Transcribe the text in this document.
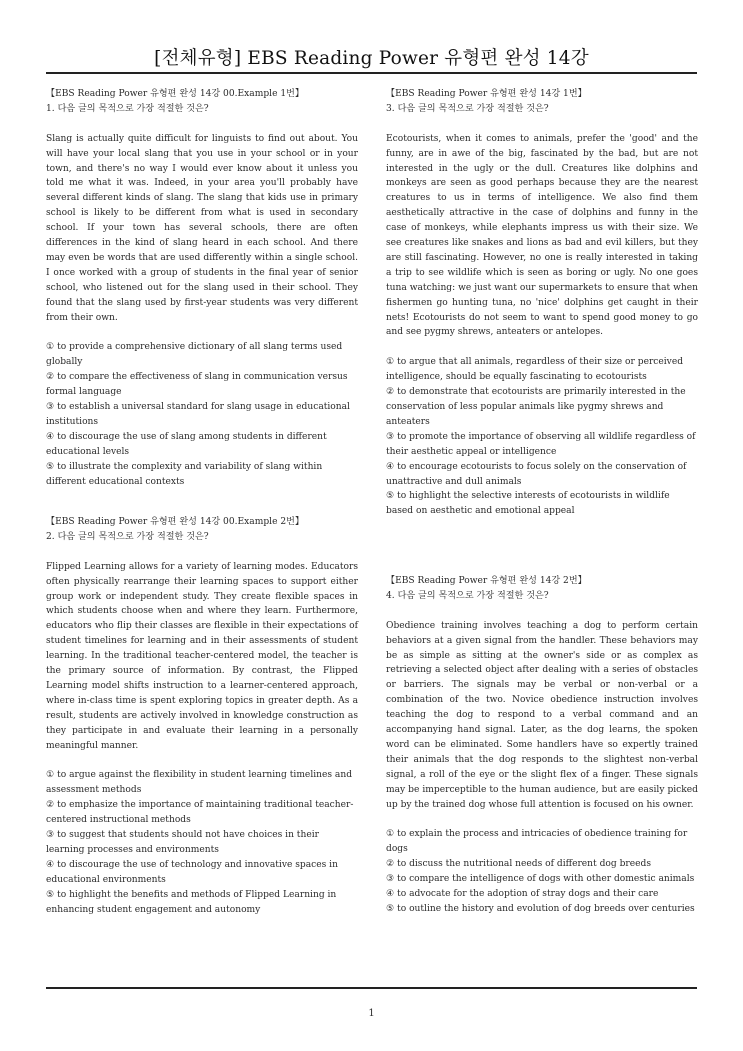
[전체유형] EBS Reading Power 유형편 완성 14강
【EBS Reading Power 유형편 완성 14강 00.Example 1번】
1. 다음 글의 목적으로 가장 적절한 것은?
Slang is actually quite difficult for linguists to find out about. You will have your local slang that you use in your school or in your town, and there's no way I would ever know about it unless you told me what it was. Indeed, in your area you'll probably have several different kinds of slang. The slang that kids use in primary school is likely to be different from what is used in secondary school. If your town has several schools, there are often differences in the kind of slang heard in each school. And there may even be words that are used differently within a single school. I once worked with a group of students in the final year of senior school, who listened out for the slang used in their school. They found that the slang used by first-year students was very different from their own.
① to provide a comprehensive dictionary of all slang terms used globally
② to compare the effectiveness of slang in communication versus formal language
③ to establish a universal standard for slang usage in educational institutions
④ to discourage the use of slang among students in different educational levels
⑤ to illustrate the complexity and variability of slang within different educational contexts
【EBS Reading Power 유형편 완성 14강 00.Example 2번】
2. 다음 글의 목적으로 가장 적절한 것은?
Flipped Learning allows for a variety of learning modes. Educators often physically rearrange their learning spaces to support either group work or independent study. They create flexible spaces in which students choose when and where they learn. Furthermore, educators who flip their classes are flexible in their expectations of student timelines for learning and in their assessments of student learning. In the traditional teacher-centered model, the teacher is the primary source of information. By contrast, the Flipped Learning model shifts instruction to a learner-centered approach, where in-class time is spent exploring topics in greater depth. As a result, students are actively involved in knowledge construction as they participate in and evaluate their learning in a personally meaningful manner.
① to argue against the flexibility in student learning timelines and assessment methods
② to emphasize the importance of maintaining traditional teacher-centered instructional methods
③ to suggest that students should not have choices in their learning processes and environments
④ to discourage the use of technology and innovative spaces in educational environments
⑤ to highlight the benefits and methods of Flipped Learning in enhancing student engagement and autonomy
【EBS Reading Power 유형편 완성 14강 1번】
3. 다음 글의 목적으로 가장 적절한 것은?
Ecotourists, when it comes to animals, prefer the 'good' and the funny, are in awe of the big, fascinated by the bad, but are not interested in the ugly or the dull. Creatures like dolphins and monkeys are seen as good perhaps because they are the nearest creatures to us in terms of intelligence. We also find them aesthetically attractive in the case of dolphins and funny in the case of monkeys, while elephants impress us with their size. We see creatures like snakes and lions as bad and evil killers, but they are still fascinating. However, no one is really interested in taking a trip to see wildlife which is seen as boring or ugly. No one goes tuna watching: we just want our supermarkets to ensure that when fishermen go hunting tuna, no 'nice' dolphins get caught in their nets! Ecotourists do not seem to want to spend good money to go and see pygmy shrews, anteaters or antelopes.
① to argue that all animals, regardless of their size or perceived intelligence, should be equally fascinating to ecotourists
② to demonstrate that ecotourists are primarily interested in the conservation of less popular animals like pygmy shrews and anteaters
③ to promote the importance of observing all wildlife regardless of their aesthetic appeal or intelligence
④ to encourage ecotourists to focus solely on the conservation of unattractive and dull animals
⑤ to highlight the selective interests of ecotourists in wildlife based on aesthetic and emotional appeal
【EBS Reading Power 유형편 완성 14강 2번】
4. 다음 글의 목적으로 가장 적절한 것은?
Obedience training involves teaching a dog to perform certain behaviors at a given signal from the handler. These behaviors may be as simple as sitting at the owner's side or as complex as retrieving a selected object after dealing with a series of obstacles or barriers. The signals may be verbal or non-verbal or a combination of the two. Novice obedience instruction involves teaching the dog to respond to a verbal command and an accompanying hand signal. Later, as the dog learns, the spoken word can be eliminated. Some handlers have so expertly trained their animals that the dog responds to the slightest non-verbal signal, a roll of the eye or the slight flex of a finger. These signals may be imperceptible to the human audience, but are easily picked up by the trained dog whose full attention is focused on his owner.
① to explain the process and intricacies of obedience training for dogs
② to discuss the nutritional needs of different dog breeds
③ to compare the intelligence of dogs with other domestic animals
④ to advocate for the adoption of stray dogs and their care
⑤ to outline the history and evolution of dog breeds over centuries
1
